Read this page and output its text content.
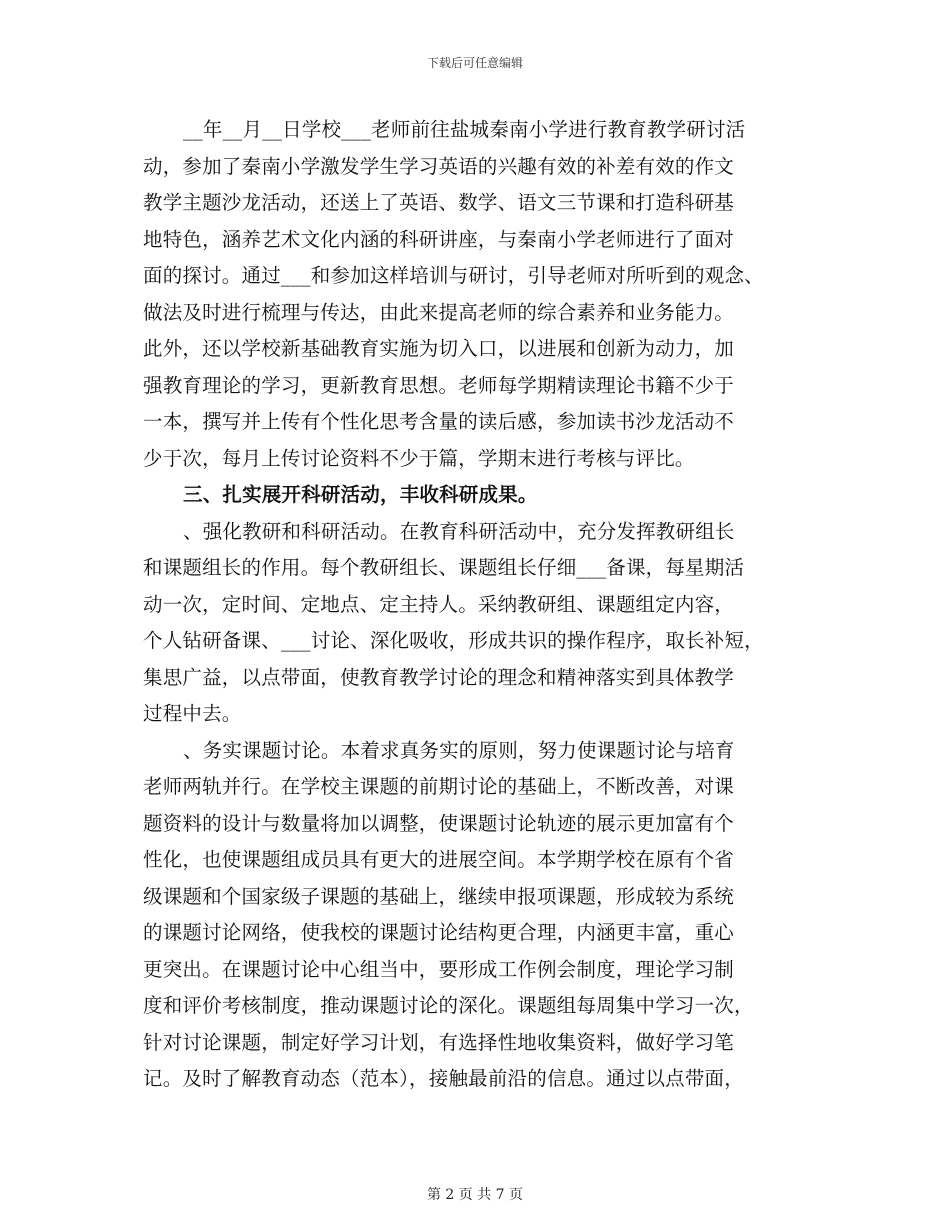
下载后可任意编辑
__年__月__日学校___老师前往盐城秦南小学进行教育教学研讨活
动，参加了秦南小学激发学生学习英语的兴趣有效的补差有效的作文
教学主题沙龙活动，还送上了英语、数学、语文三节课和打造科研基
地特色，涵养艺术文化内涵的科研讲座，与秦南小学老师进行了面对
面的探讨。通过___和参加这样培训与研讨，引导老师对所听到的观念、
做法及时进行梳理与传达，由此来提高老师的综合素养和业务能力。
此外，还以学校新基础教育实施为切入口，以进展和创新为动力，加
强教育理论的学习，更新教育思想。老师每学期精读理论书籍不少于
一本，撰写并上传有个性化思考含量的读后感，参加读书沙龙活动不
少于次，每月上传讨论资料不少于篇，学期末进行考核与评比。
三、扎实展开科研活动，丰收科研成果。
、强化教研和科研活动。在教育科研活动中，充分发挥教研组长
和课题组长的作用。每个教研组长、课题组长仔细___备课，每星期活
动一次，定时间、定地点、定主持人。采纳教研组、课题组定内容，
个人钻研备课、___讨论、深化吸收，形成共识的操作程序，取长补短，
集思广益，以点带面，使教育教学讨论的理念和精神落实到具体教学
过程中去。
、务实课题讨论。本着求真务实的原则，努力使课题讨论与培育
老师两轨并行。在学校主课题的前期讨论的基础上，不断改善，对课
题资料的设计与数量将加以调整，使课题讨论轨迹的展示更加富有个
性化，也使课题组成员具有更大的进展空间。本学期学校在原有个省
级课题和个国家级子课题的基础上，继续申报项课题，形成较为系统
的课题讨论网络，使我校的课题讨论结构更合理，内涵更丰富，重心
更突出。在课题讨论中心组当中，要形成工作例会制度，理论学习制
度和评价考核制度，推动课题讨论的深化。课题组每周集中学习一次，
针对讨论课题，制定好学习计划，有选择性地收集资料，做好学习笔
记。及时了解教育动态（范本），接触最前沿的信息。通过以点带面，
第 2 页 共 7 页
